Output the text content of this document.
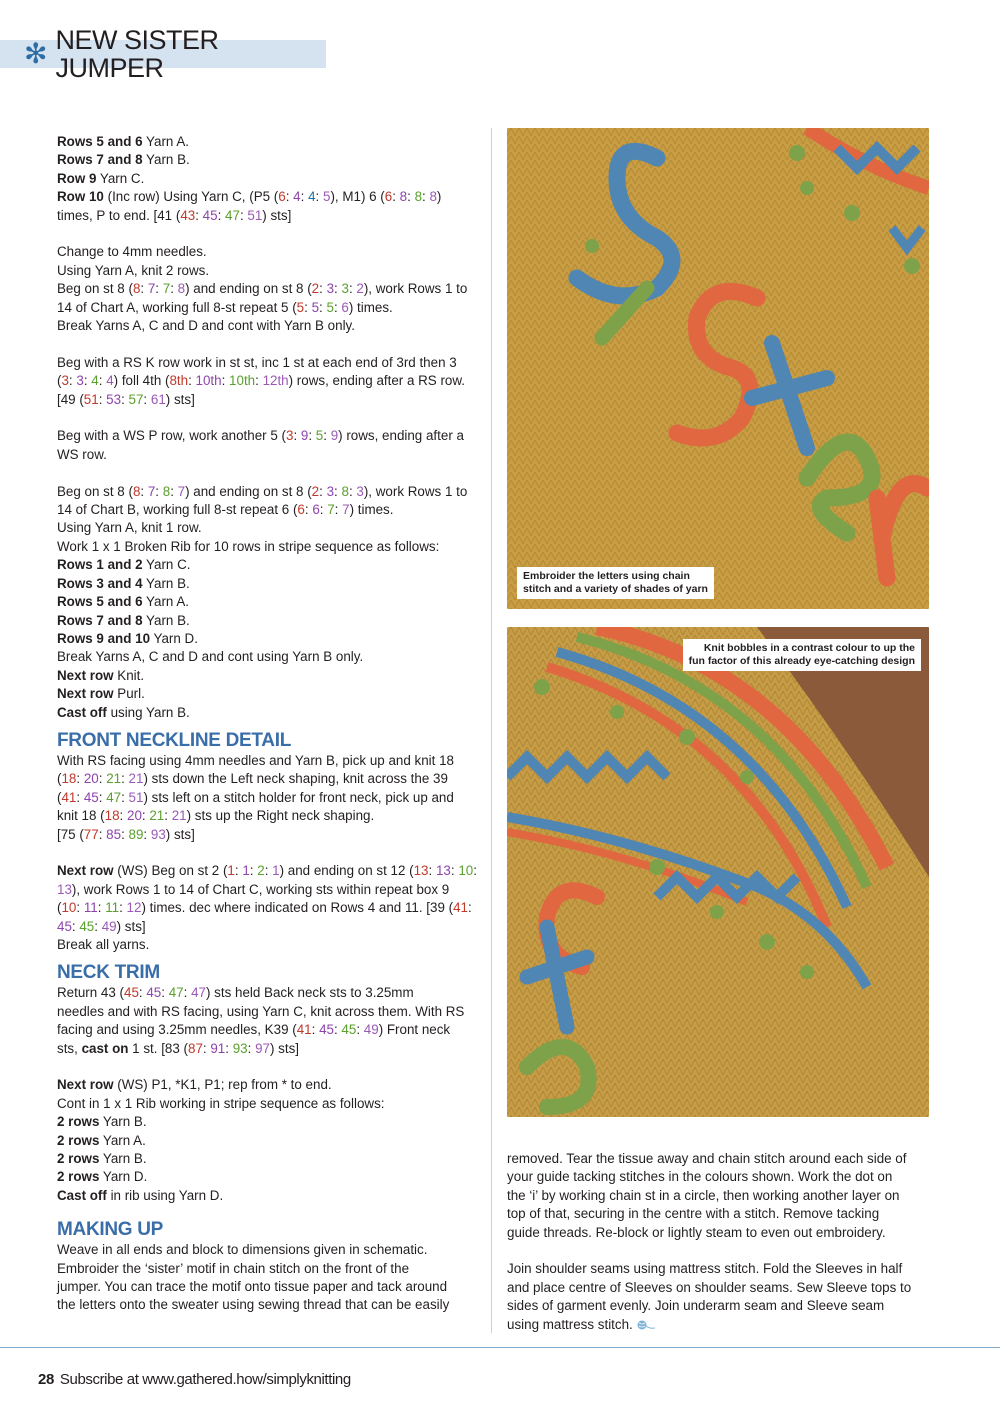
✻ NEW SISTER JUMPER

Rows 5 and 6 Yarn A.
Rows 7 and 8 Yarn B.
Row 9 Yarn C.
Row 10 (Inc row) Using Yarn C, (P5 (6: 4: 4: 5), M1) 6 (6: 8: 8: 8)
times, P to end. [41 (43: 45: 47: 51) sts]

Change to 4mm needles.
Using Yarn A, knit 2 rows.
Beg on st 8 (8: 7: 7: 8) and ending on st 8 (2: 3: 3: 2), work Rows 1 to
14 of Chart A, working full 8-st repeat 5 (5: 5: 5: 6) times.
Break Yarns A, C and D and cont with Yarn B only.

Beg with a RS K row work in st st, inc 1 st at each end of 3rd then 3
(3: 3: 4: 4) foll 4th (8th: 10th: 10th: 12th) rows, ending after a RS row.
[49 (51: 53: 57: 61) sts]

Beg with a WS P row, work another 5 (3: 9: 5: 9) rows, ending after a
WS row.

Beg on st 8 (8: 7: 8: 7) and ending on st 8 (2: 3: 8: 3), work Rows 1 to
14 of Chart B, working full 8-st repeat 6 (6: 6: 7: 7) times.
Using Yarn A, knit 1 row.
Work 1 x 1 Broken Rib for 10 rows in stripe sequence as follows:
Rows 1 and 2 Yarn C.
Rows 3 and 4 Yarn B.
Rows 5 and 6 Yarn A.
Rows 7 and 8 Yarn B.
Rows 9 and 10 Yarn D.
Break Yarns A, C and D and cont using Yarn B only.
Next row Knit.
Next row Purl.
Cast off using Yarn B.

FRONT NECKLINE DETAIL

With RS facing using 4mm needles and Yarn B, pick up and knit 18
(18: 20: 21: 21) sts down the Left neck shaping, knit across the 39
(41: 45: 47: 51) sts left on a stitch holder for front neck, pick up and
knit 18 (18: 20: 21: 21) sts up the Right neck shaping.
[75 (77: 85: 89: 93) sts]

Next row (WS) Beg on st 2 (1: 1: 2: 1) and ending on st 12 (13: 13: 10:
13), work Rows 1 to 14 of Chart C, working sts within repeat box 9
(10: 11: 11: 12) times. dec where indicated on Rows 4 and 11. [39 (41:
45: 45: 49) sts]
Break all yarns.

NECK TRIM

Return 43 (45: 45: 47: 47) sts held Back neck sts to 3.25mm
needles and with RS facing, using Yarn C, knit across them. With RS
facing and using 3.25mm needles, K39 (41: 45: 45: 49) Front neck
sts, cast on 1 st. [83 (87: 91: 93: 97) sts]

Next row (WS) P1, *K1, P1; rep from * to end.
Cont in 1 x 1 Rib working in stripe sequence as follows:
2 rows Yarn B.
2 rows Yarn A.
2 rows Yarn B.
2 rows Yarn D.
Cast off in rib using Yarn D.

MAKING UP

Weave in all ends and block to dimensions given in schematic.
Embroider the ‘sister’ motif in chain stitch on the front of the
jumper. You can trace the motif onto tissue paper and tack around
the letters onto the sweater using sewing thread that can be easily

Embroider the letters using chain
stitch and a variety of shades of yarn
Knit bobbles in a contrast colour to up the
fun factor of this already eye-catching design

removed. Tear the tissue away and chain stitch around each side of
your guide tacking stitches in the colours shown. Work the dot on
the ‘i’ by working chain st in a circle, then working another layer on
top of that, securing in the centre with a stitch. Remove tacking
guide threads. Re-block or lightly steam to even out embroidery.

Join shoulder seams using mattress stitch. Fold the Sleeves in half
and place centre of Sleeves on shoulder seams. Sew Sleeve tops to
sides of garment evenly. Join underarm seam and Sleeve seam
using mattress stitch.

28 Subscribe at www.gathered.how/simplyknitting
